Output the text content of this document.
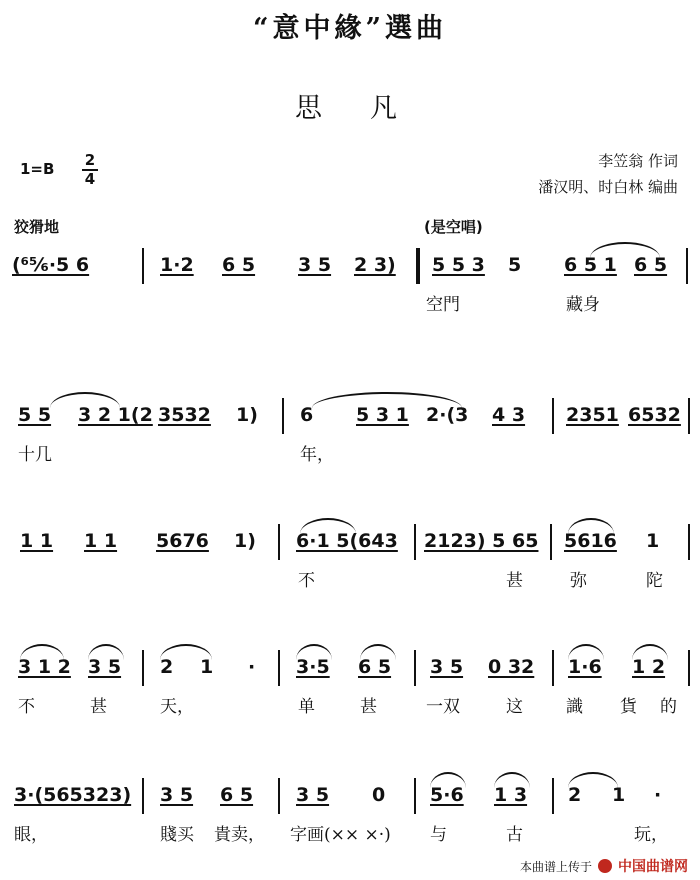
“意中緣”選曲
思凡
1=B 2
4
李笠翁 作词
潘汉明、时白林 编曲
狡猾地	(是空唱)
(⁶⁵⁄₆·5 6	1·2 6 5 3 5 2 3) 5 5 3 5 6 5 1 6 5
空門	藏身
5 5 3 2 1(2 3532 1) 6 5 3 1 2·(3 4 3 2351 6532
十几	年，
1 1 1 1 5676 1) 6·1 5(643 2123) 5 65 5616 1
不	甚	弥	陀
3 1 2 3 5 2 1 · 3·5 6 5 3 5 0 32 1·6 1 2
不	甚	天，	单	甚	一双	这	識 貨 的
3·(565323) 3 5 6 5 3 5 0 5·6 1 3 2 1 ·
眼，	賤买 貴卖， 字画(×× ×·) 与	古	玩，
本曲谱上传于 中国曲谱网
